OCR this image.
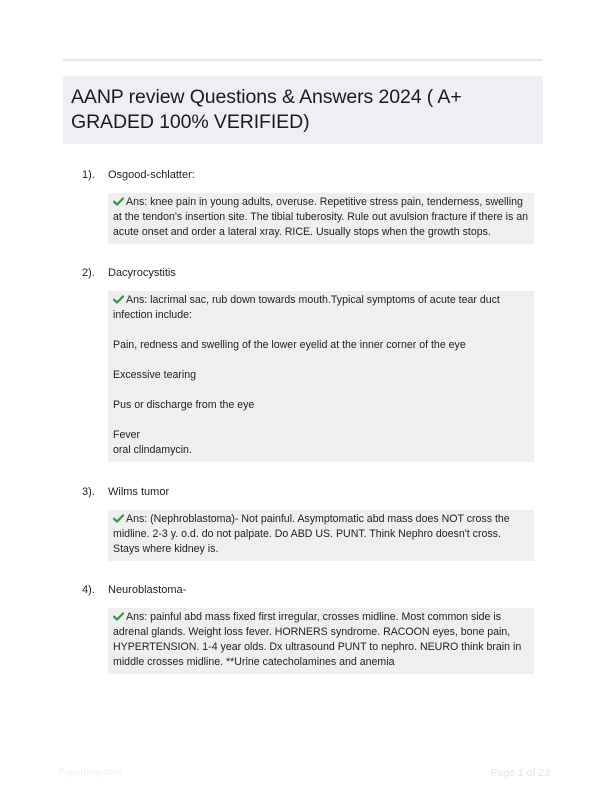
AANP review Questions & Answers 2024 ( A+ GRADED 100% VERIFIED)
1). Osgood-schlatter:

Ans: knee pain in young adults, overuse. Repetitive stress pain, tenderness, swelling at the tendon's insertion site. The tibial tuberosity. Rule out avulsion fracture if there is an acute onset and order a lateral xray. RICE. Usually stops when the growth stops.

2). Dacyrocystitis

Ans: lacrimal sac, rub down towards mouth.Typical symptoms of acute tear duct infection include:

Pain, redness and swelling of the lower eyelid at the inner corner of the eye

Excessive tearing

Pus or discharge from the eye

Fever

oral clindamycin.

3). Wilms tumor

Ans: (Nephroblastoma)- Not painful. Asymptomatic abd mass does NOT cross the midline. 2-3 y. o.d. do not palpate. Do ABD US. PUNT. Think Nephro doesn't cross. Stays where kidney is.

4). Neuroblastoma-

Ans: painful abd mass fixed first irregular, crosses midline. Most common side is adrenal glands. Weight loss fever. HORNERS syndrome. RACOON eyes, bone pain, HYPERTENSION. 1-4 year olds. Dx ultrasound PUNT to nephro. NEURO think brain in middle crosses midline. **Urine catecholamines and anemia

Paperhelp.com	Page 1 of 23
